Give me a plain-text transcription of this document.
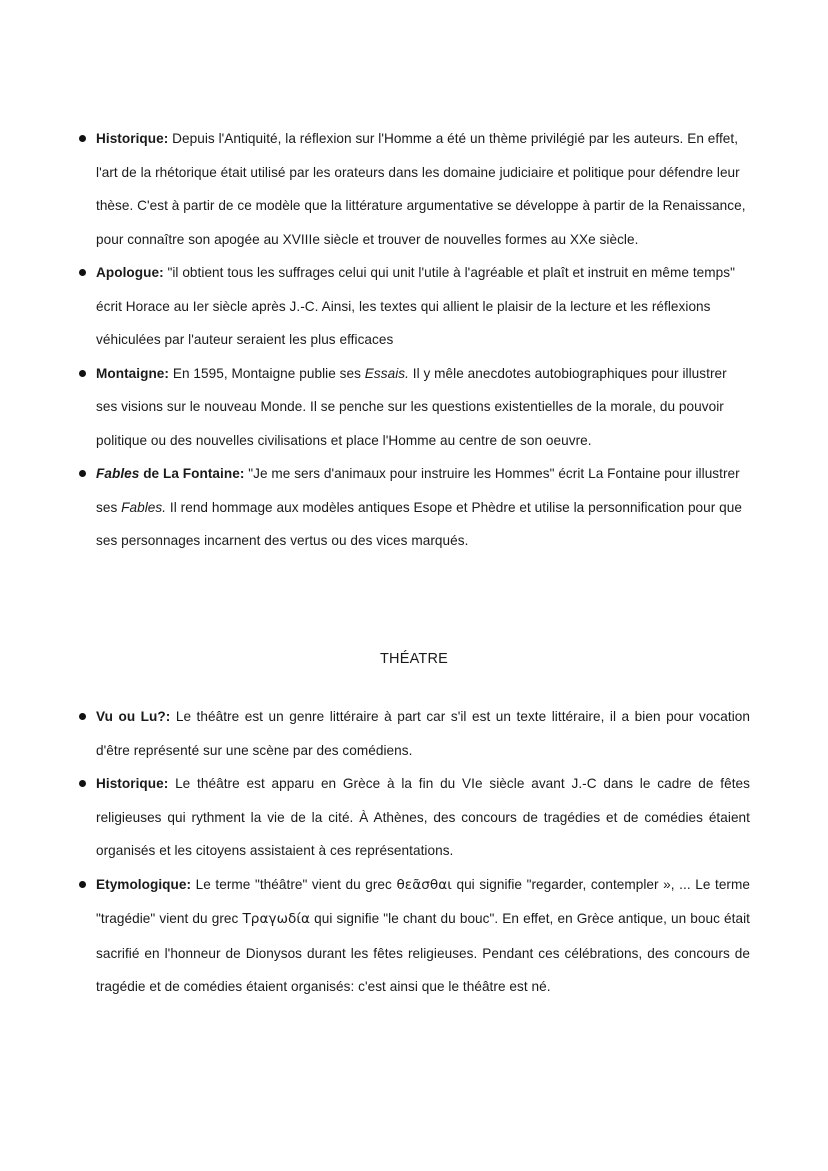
Historique: Depuis l'Antiquité, la réflexion sur l'Homme a été un thème privilégié par les auteurs. En effet, l'art de la rhétorique était utilisé par les orateurs dans les domaine judiciaire et politique pour défendre leur thèse. C'est à partir de ce modèle que la littérature argumentative se développe à partir de la Renaissance, pour connaître son apogée au XVIIIe siècle et trouver de nouvelles formes au XXe siècle.
Apologue: "il obtient tous les suffrages celui qui unit l'utile à l'agréable et plaît et instruit en même temps" écrit Horace au Ier siècle après J.-C. Ainsi, les textes qui allient le plaisir de la lecture et les réflexions véhiculées par l'auteur seraient les plus efficaces
Montaigne: En 1595, Montaigne publie ses Essais. Il y mêle anecdotes autobiographiques pour illustrer ses visions sur le nouveau Monde. Il se penche sur les questions existentielles de la morale, du pouvoir politique ou des nouvelles civilisations et place l'Homme au centre de son oeuvre.
Fables de La Fontaine: "Je me sers d'animaux pour instruire les Hommes" écrit La Fontaine pour illustrer ses Fables. Il rend hommage aux modèles antiques Esope et Phèdre et utilise la personnification pour que ses personnages incarnent des vertus ou des vices marqués.
THÉATRE
Vu ou Lu?: Le théâtre est un genre littéraire à part car s'il est un texte littéraire, il a bien pour vocation d'être représenté sur une scène par des comédiens.
Historique: Le théâtre est apparu en Grèce à la fin du VIe siècle avant J.-C dans le cadre de fêtes religieuses qui rythment la vie de la cité. À Athènes, des concours de tragédies et de comédies étaient organisés et les citoyens assistaient à ces représentations.
Etymologique: Le terme "théâtre" vient du grec θεᾶσθαι qui signifie "regarder, contempler », ... Le terme "tragédie" vient du grec Tραγωδία qui signifie "le chant du bouc". En effet, en Grèce antique, un bouc était sacrifié en l'honneur de Dionysos durant les fêtes religieuses. Pendant ces célébrations, des concours de tragédie et de comédies étaient organisés: c'est ainsi que le théâtre est né.
